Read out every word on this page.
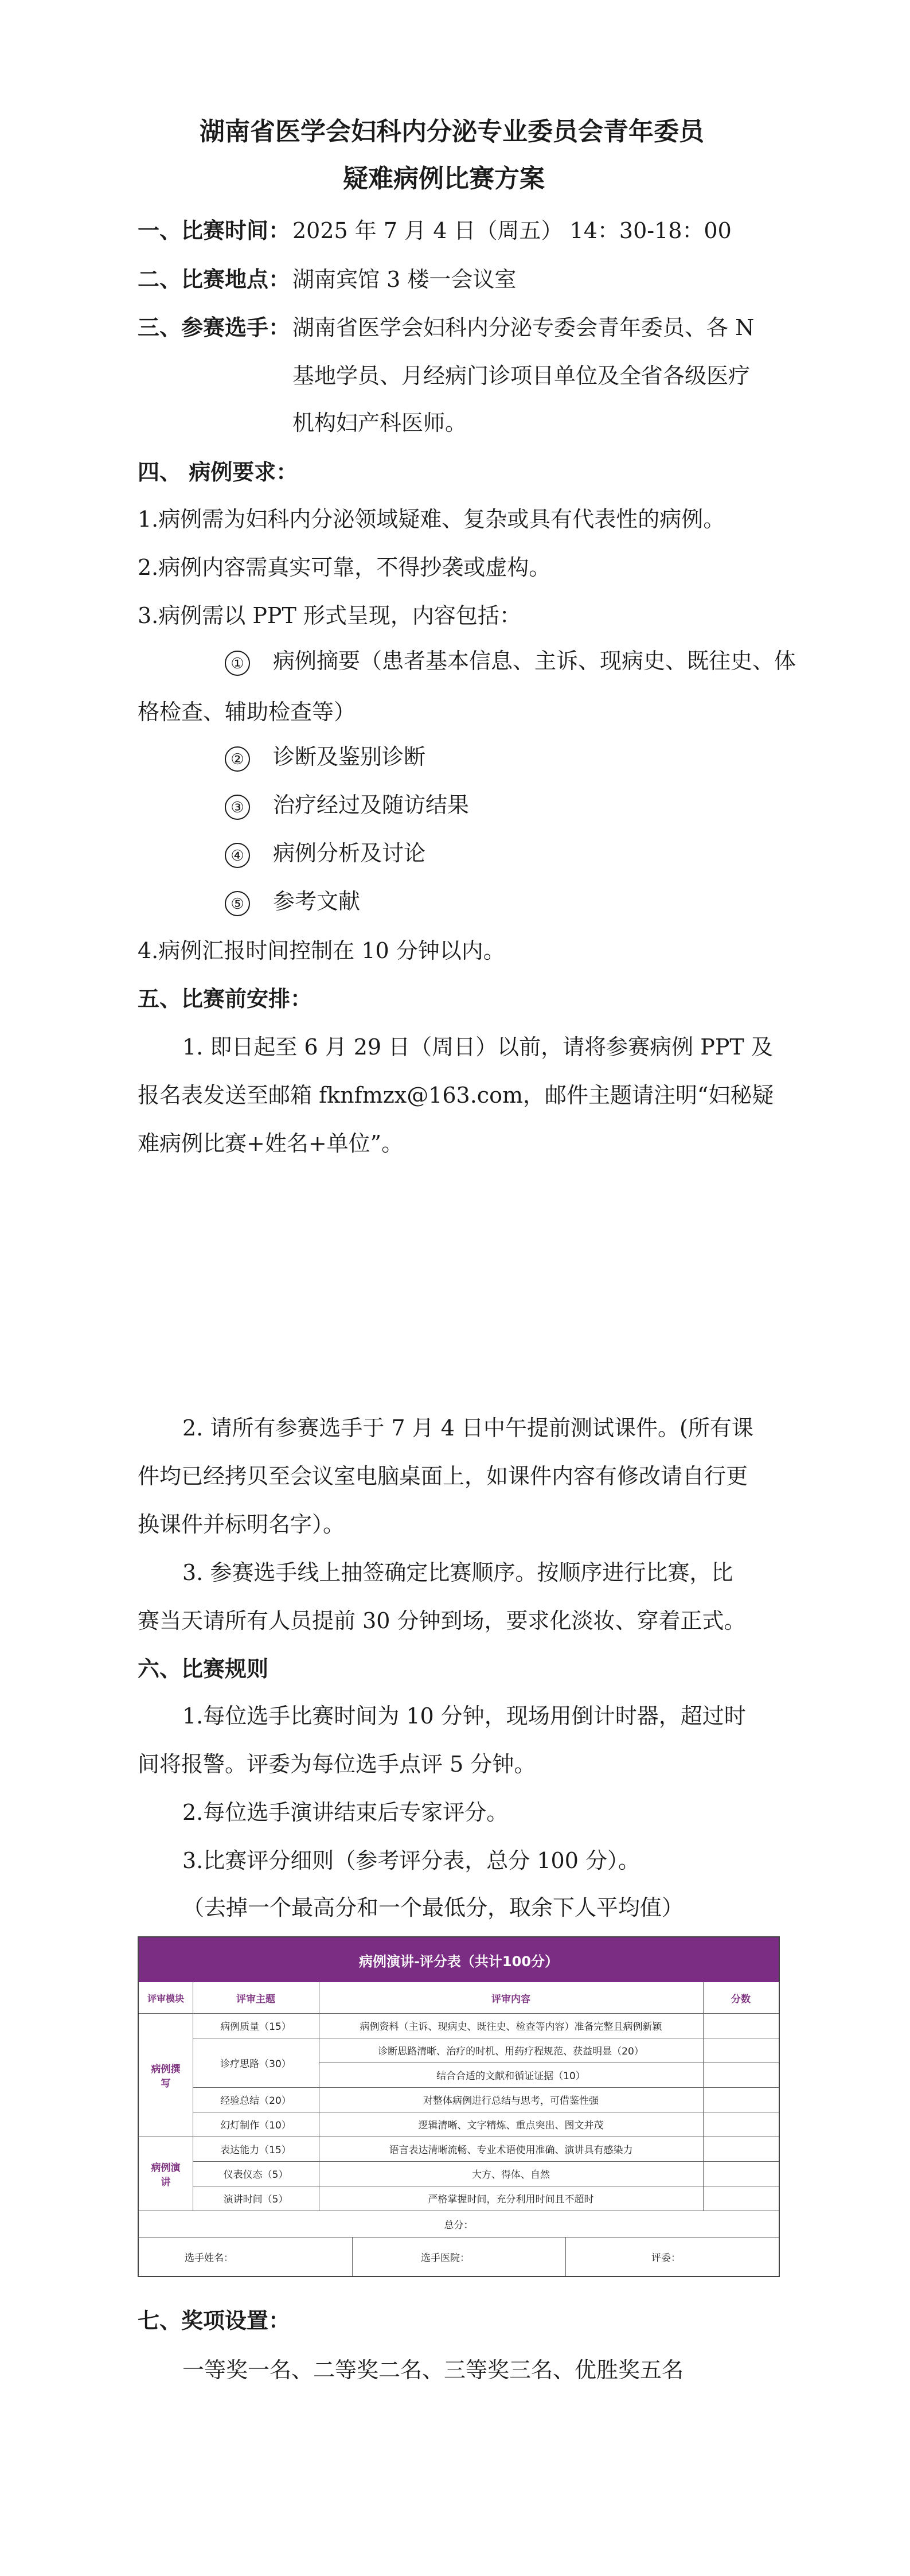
湖南省医学会妇科内分泌专业委员会青年委员
疑难病例比赛方案
一、比赛时间： 2025 年 7 月 4 日（周五） 14：30-18：00
二、比赛地点： 湖南宾馆 3 楼一会议室
三、参赛选手： 湖南省医学会妇科内分泌专委会青年委员、各 N
基地学员、月经病门诊项目单位及全省各级医疗
机构妇产科医师。
四、 病例要求：
1.病例需为妇科内分泌领域疑难、复杂或具有代表性的病例。
2.病例内容需真实可靠，不得抄袭或虚构。
3.病例需以 PPT 形式呈现，内容包括：
① 病例摘要（患者基本信息、主诉、现病史、既往史、体
格检查、辅助检查等）
② 诊断及鉴别诊断
③ 治疗经过及随访结果
④ 病例分析及讨论
⑤ 参考文献
4.病例汇报时间控制在 10 分钟以内。
五、比赛前安排：
1. 即日起至 6 月 29 日（周日）以前，请将参赛病例 PPT 及
报名表发送至邮箱 fknfmzx@163.com，邮件主题请注明“妇秘疑
难病例比赛+姓名+单位”。
2. 请所有参赛选手于 7 月 4 日中午提前测试课件。(所有课
件均已经拷贝至会议室电脑桌面上，如课件内容有修改请自行更
换课件并标明名字）。
3. 参赛选手线上抽签确定比赛顺序。按顺序进行比赛，比
赛当天请所有人员提前 30 分钟到场，要求化淡妆、穿着正式。
六、比赛规则
1.每位选手比赛时间为 10 分钟，现场用倒计时器，超过时
间将报警。评委为每位选手点评 5 分钟。
2.每位选手演讲结束后专家评分。
3.比赛评分细则（参考评分表，总分 100 分）。
（去掉一个最高分和一个最低分，取余下人平均值）
病例演讲-评分表（共计100分）
评审模块	评审主题	评审内容	分数
病例撰写
病例质量（15）	病例资料（主诉、现病史、既往史、检查等内容）准备完整且病例新颖
诊疗思路（30）
诊断思路清晰、治疗的时机、用药疗程规范、获益明显（20）
结合合适的文献和循证证据（10）
经验总结（20）	对整体病例进行总结与思考，可借鉴性强
幻灯制作（10）	逻辑清晰、文字精炼、重点突出、图文并茂
病例演讲
表达能力（15）	语言表达清晰流畅、专业术语使用准确、演讲具有感染力
仪表仪态（5）	大方、得体、自然
演讲时间（5）	严格掌握时间，充分利用时间且不超时
总分：
选手姓名：	选手医院：	评委：
七、奖项设置：
一等奖一名、二等奖二名、三等奖三名、优胜奖五名
